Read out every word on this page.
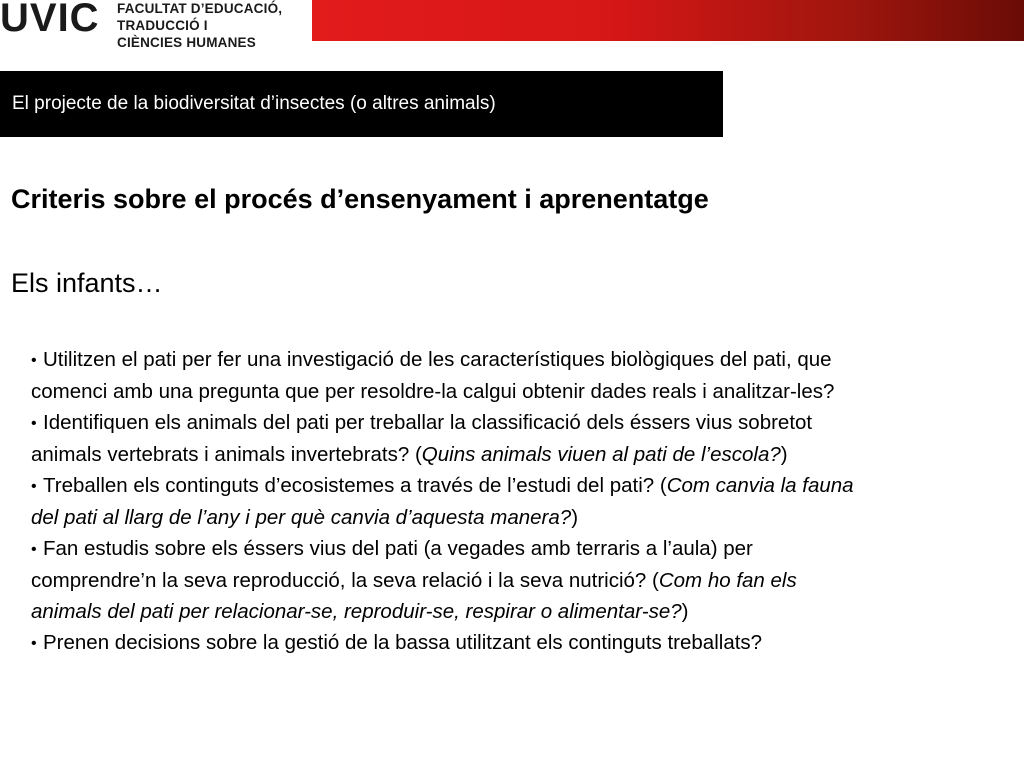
UVIC FACULTAT D’EDUCACIÓ,
TRADUCCIÓ I
CIÈNCIES HUMANES
El projecte de la biodiversitat d’insectes (o altres animals)
Criteris sobre el procés d’ensenyament i aprenentatge
Els infants…
• Utilitzen el pati per fer una investigació de les característiques biològiques del pati, que
comenci amb una pregunta que per resoldre-la calgui obtenir dades reals i analitzar-les?
• Identifiquen els animals del pati per treballar la classificació dels éssers vius sobretot
animals vertebrats i animals invertebrats? (Quins animals viuen al pati de l’escola?)
• Treballen els continguts d’ecosistemes a través de l’estudi del pati? (Com canvia la fauna
del pati al llarg de l’any i per què canvia d’aquesta manera?)
• Fan estudis sobre els éssers vius del pati (a vegades amb terraris a l’aula) per
comprendre’n la seva reproducció, la seva relació i la seva nutrició? (Com ho fan els
animals del pati per relacionar-se, reproduir-se, respirar o alimentar-se?)
• Prenen decisions sobre la gestió de la bassa utilitzant els continguts treballats?
